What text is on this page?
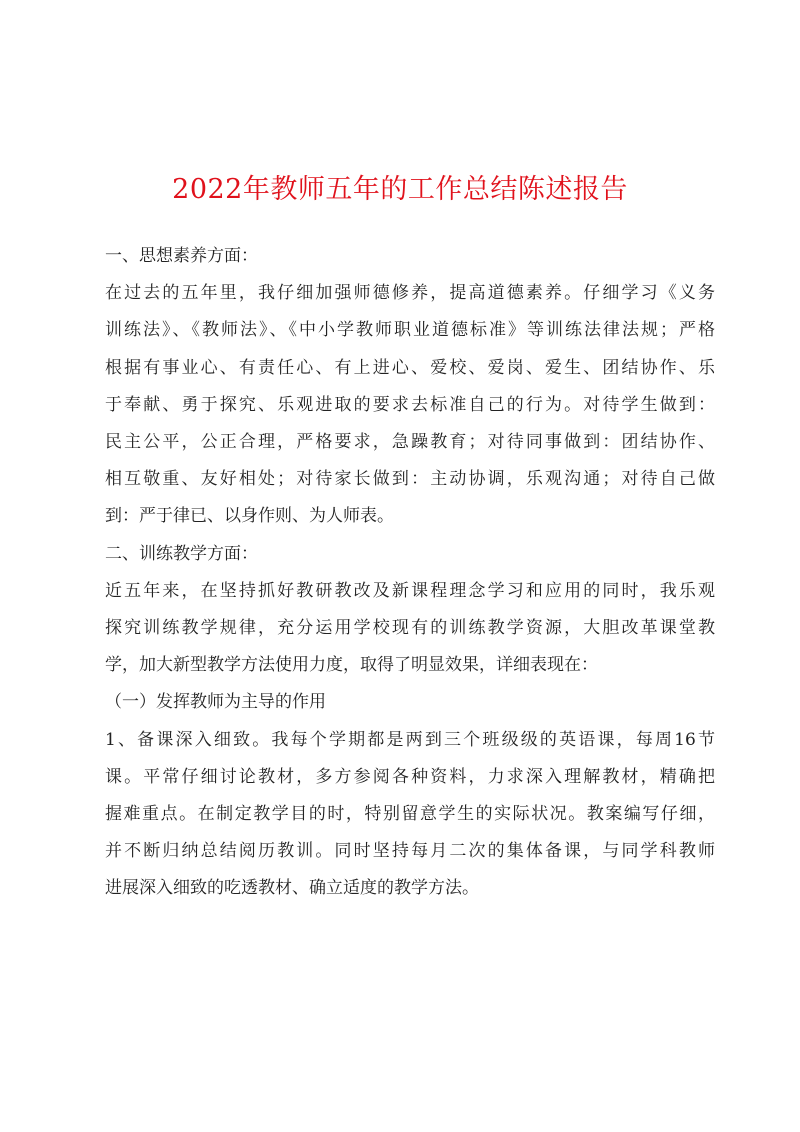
2022年教师五年的工作总结陈述报告

一、思想素养方面：

在过去的五年里，我仔细加强师德修养，提高道德素养。仔细学习《义务
训练法》、《教师法》、《中小学教师职业道德标准》等训练法律法规；严格
根据有事业心、有责任心、有上进心、爱校、爱岗、爱生、团结协作、乐
于奉献、勇于探究、乐观进取的要求去标准自己的行为。对待学生做到：
民主公平，公正合理，严格要求，急躁教育；对待同事做到：团结协作、
相互敬重、友好相处；对待家长做到：主动协调，乐观沟通；对待自己做
到：严于律已、以身作则、为人师表。

二、训练教学方面：

近五年来，在坚持抓好教研教改及新课程理念学习和应用的同时，我乐观
探究训练教学规律，充分运用学校现有的训练教学资源，大胆改革课堂教
学，加大新型教学方法使用力度，取得了明显效果，详细表现在：

（一）发挥教师为主导的作用

1、备课深入细致。我每个学期都是两到三个班级级的英语课，每周16节
课。平常仔细讨论教材，多方参阅各种资料，力求深入理解教材，精确把
握难重点。在制定教学目的时，特别留意学生的实际状况。教案编写仔细，
并不断归纳总结阅历教训。同时坚持每月二次的集体备课，与同学科教师
进展深入细致的吃透教材、确立适度的教学方法。
